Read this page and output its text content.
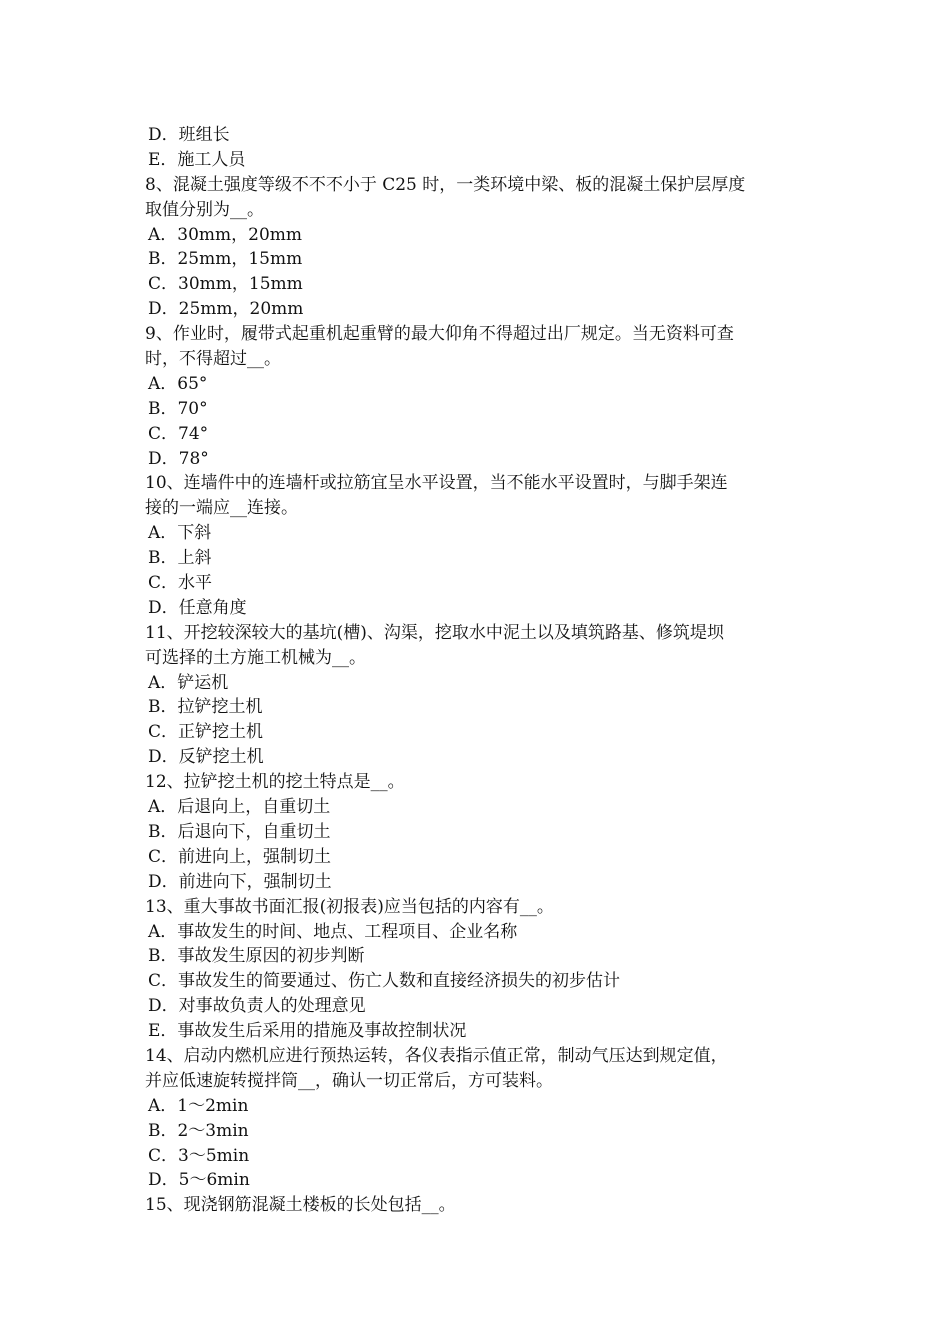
D．班组长
E．施工人员
8、混凝土强度等级不不不小于 C25 时，一类环境中梁、板的混凝土保护层厚度
取值分别为__。
A．30mm，20mm
B．25mm，15mm
C．30mm，15mm
D．25mm，20mm
9、作业时，履带式起重机起重臂的最大仰角不得超过出厂规定。当无资料可查
时，不得超过__。
A．65°
B．70°
C．74°
D．78°
10、连墙件中的连墙杆或拉筋宜呈水平设置，当不能水平设置时，与脚手架连
接的一端应__连接。
A．下斜
B．上斜
C．水平
D．任意角度
11、开挖较深较大的基坑(槽)、沟渠，挖取水中泥土以及填筑路基、修筑堤坝
可选择的土方施工机械为__。
A．铲运机
B．拉铲挖土机
C．正铲挖土机
D．反铲挖土机
12、拉铲挖土机的挖土特点是__。
A．后退向上，自重切土
B．后退向下，自重切土
C．前进向上，强制切土
D．前进向下，强制切土
13、重大事故书面汇报(初报表)应当包括的内容有__。
A．事故发生的时间、地点、工程项目、企业名称
B．事故发生原因的初步判断
C．事故发生的简要通过、伤亡人数和直接经济损失的初步估计
D．对事故负责人的处理意见
E．事故发生后采用的措施及事故控制状况
14、启动内燃机应进行预热运转，各仪表指示值正常，制动气压达到规定值，
并应低速旋转搅拌筒__，确认一切正常后，方可装料。
A．1～2min
B．2～3min
C．3～5min
D．5～6min
15、现浇钢筋混凝土楼板的长处包括__。
